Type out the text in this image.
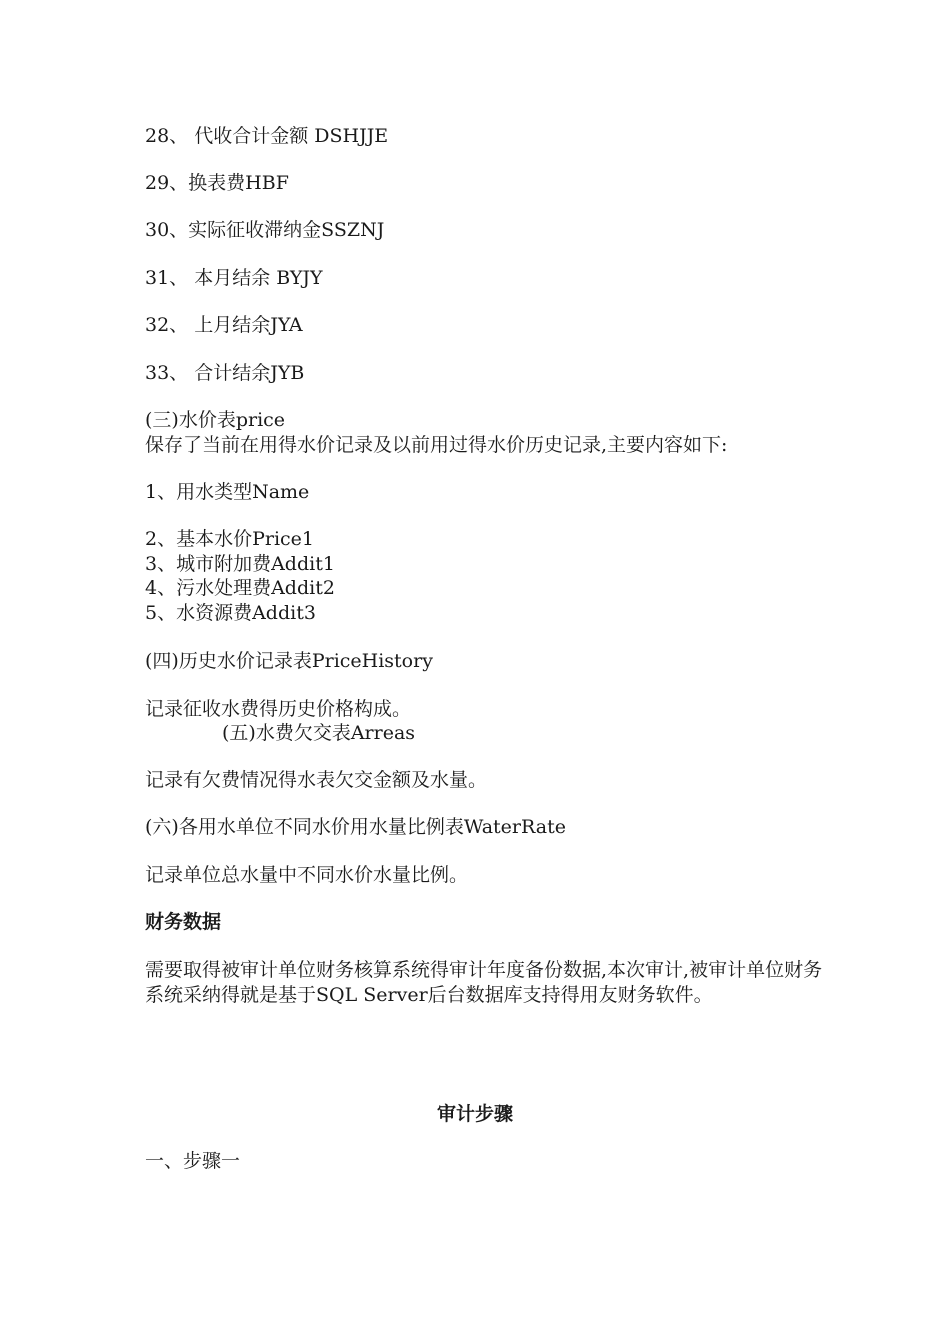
28、 代收合计金额 DSHJJE

29、换表费HBF

30、实际征收滞纳金SSZNJ

31、 本月结余 BYJY

32、 上月结余JYA

33、 合计结余JYB

(三)水价表price

保存了当前在用得水价记录及以前用过得水价历史记录,主要内容如下:

1、用水类型Name

2、基本水价Price1

3、城市附加费Addit1

4、污水处理费Addit2

5、水资源费Addit3

(四)历史水价记录表PriceHistory

记录征收水费得历史价格构成。

(五)水费欠交表Arreas

记录有欠费情况得水表欠交金额及水量。

(六)各用水单位不同水价用水量比例表WaterRate

记录单位总水量中不同水价水量比例。

财务数据

需要取得被审计单位财务核算系统得审计年度备份数据,本次审计,被审计单位财务系统采纳得就是基于SQL Server后台数据库支持得用友财务软件。

审计步骤

一、步骤一
